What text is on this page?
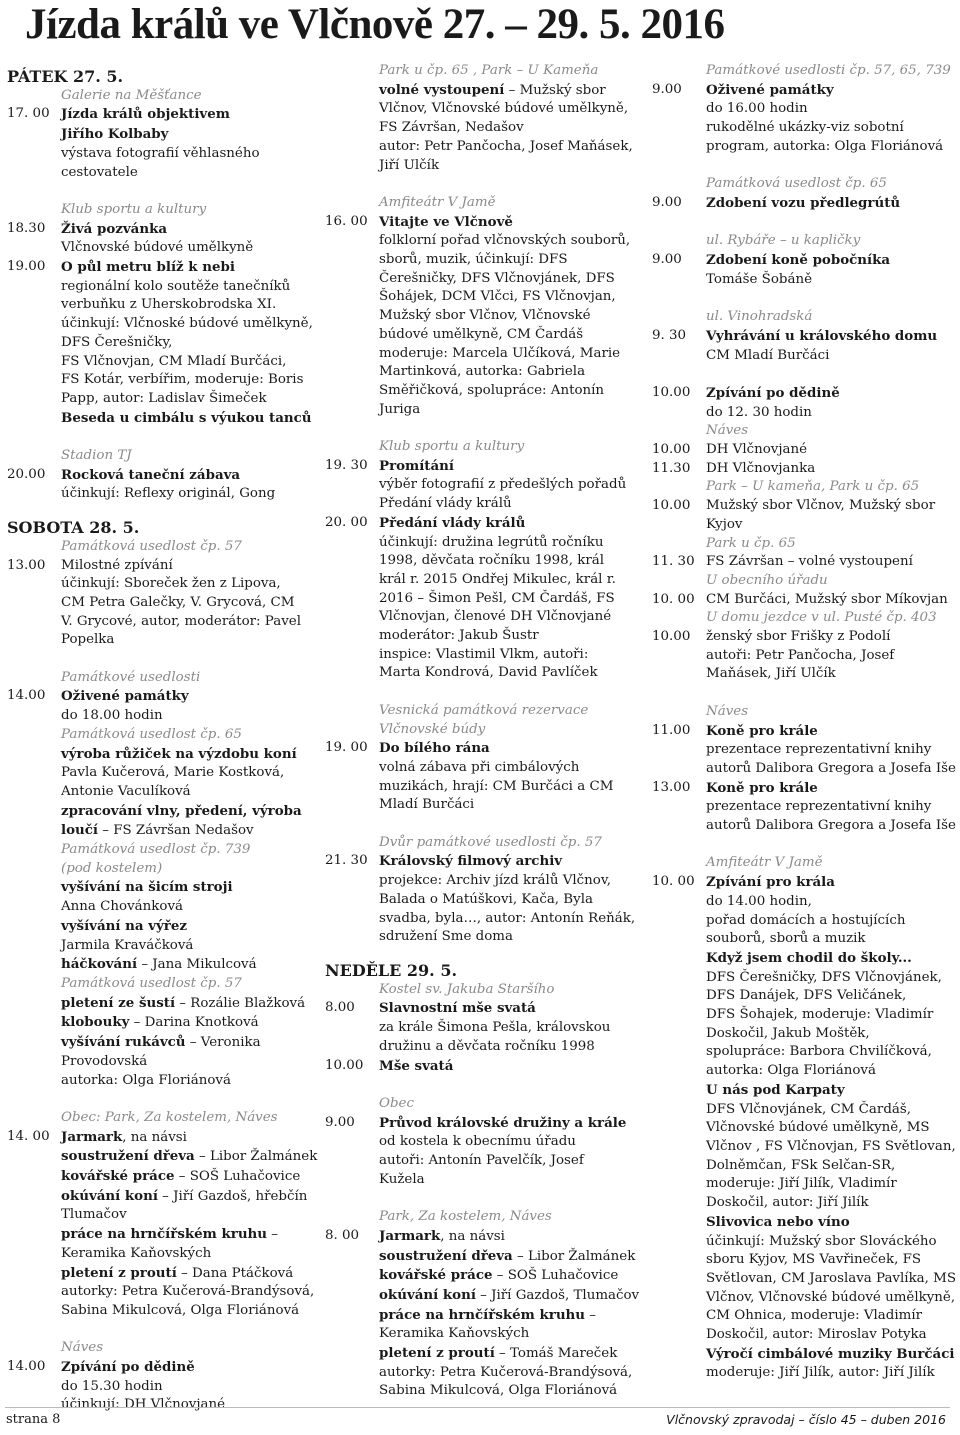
Jízda králů ve Vlčnově 27. – 29. 5. 2016
PÁTEK 27. 5.
Galerie na Měšťance
17. 00 Jízda králů objektivem
Jiřího Kolbaby
výstava fotografií věhlasného
cestovatele
Klub sportu a kultury
18.30	Živá pozvánka
Vlčnovské búdové umělkyně
19.00	O půl metru blíž k nebi
regionální kolo soutěže tanečníků
verbuňku z Uherskobrodska XI.
účinkují: Vlčnoské búdové umělkyně,
DFS Čerešničky,
FS Vlčnovjan, CM Mladí Burčáci,
FS Kotár, verbířim, moderuje: Boris
Papp, autor: Ladislav Šimeček
Beseda u cimbálu s výukou tanců
Stadion TJ
20.00	Rocková taneční zábava
účinkují: Reflexy originál, Gong
SOBOTA 28. 5.
Památková usedlost čp. 57
13.00	Milostné zpívání
účinkují: Sboreček žen z Lipova,
CM Petra Galečky, V. Grycová, CM
V. Grycové, autor, moderátor: Pavel
Popelka
Památkové usedlosti
14.00	Oživené památky
do 18.00 hodin
Památková usedlost čp. 65
výroba růžiček na výzdobu koní
Pavla Kučerová, Marie Kostková,
Antonie Vaculíková
zpracování vlny, předení, výroba
loučí – FS Závršan Nedašov
Památková usedlost čp. 739
(pod kostelem)
vyšívání na šicím stroji
Anna Chovánková
vyšívání na výřez
Jarmila Kraváčková
háčkování – Jana Mikulcová
Památková usedlost čp. 57
pletení ze šustí – Rozálie Blažková
klobouky – Darina Knotková
vyšívání rukávců – Veronika
Provodovská
autorka: Olga Floriánová
Obec: Park, Za kostelem, Náves
14. 00 Jarmark, na návsi
soustružení dřeva – Libor Žalmánek
kovářské práce – SOŠ Luhačovice
okúvání koní – Jiří Gazdoš, hřebčín
Tlumačov
práce na hrnčířském kruhu –
Keramika Kaňovských
pletení z proutí – Dana Ptáčková
autorky: Petra Kučerová-Brandýsová,
Sabina Mikulcová, Olga Floriánová
Náves
14.00	Zpívání po dědině
do 15.30 hodin
účinkují: DH Vlčnovjané
Park u čp. 65 , Park – U Kameňa
volné vystoupení – Mužský sbor
Vlčnov, Vlčnovské búdové umělkyně,
FS Závršan, Nedašov
autor: Petr Pančocha, Josef Maňásek,
Jiří Ulčík
Amfiteátr V Jamě
16. 00 Vitajte ve Vlčnově
folklorní pořad vlčnovských souborů,
sborů, muzik, účinkují: DFS
Čerešničky, DFS Vlčnovjánek, DFS
Šohájek, DCM Vlčci, FS Vlčnovjan,
Mužský sbor Vlčnov, Vlčnovské
búdové umělkyně, CM Čardáš
moderuje: Marcela Ulčíková, Marie
Martinková, autorka: Gabriela
Směřičková, spolupráce: Antonín
Juriga
Klub sportu a kultury
19. 30 Promítání
výběr fotografií z předešlých pořadů
Předání vlády králů
20. 00 Předání vlády králů
účinkují: družina legrútů ročníku
1998, děvčata ročníku 1998, král
král r. 2015 Ondřej Mikulec, král r.
2016 – Šimon Pešl, CM Čardáš, FS
Vlčnovjan, členové DH Vlčnovjané
moderátor: Jakub Šustr
inspice: Vlastimil Vlkm, autoři:
Marta Kondrová, David Pavlíček
Vesnická památková rezervace
Vlčnovské búdy
19. 00 Do bílého rána
volná zábava při cimbálových
muzikách, hrají: CM Burčáci a CM
Mladí Burčáci
Dvůr památkové usedlosti čp. 57
21. 30 Královský filmový archiv
projekce: Archiv jízd králů Vlčnov,
Balada o Matúškovi, Kača, Byla
svadba, byla…, autor: Antonín Reňák,
sdružení Sme doma
NEDĚLE 29. 5.
Kostel sv. Jakuba Staršího
8.00	Slavnostní mše svatá
za krále Šimona Pešla, královskou
družinu a děvčata ročníku 1998
10.00	Mše svatá
Obec
9.00	Průvod královské družiny a krále
od kostela k obecnímu úřadu
autoři: Antonín Pavelčík, Josef
Kužela
Park, Za kostelem, Náves
8. 00	Jarmark, na návsi
soustružení dřeva – Libor Žalmánek
kovářské práce – SOŠ Luhačovice
okúvání koní – Jiří Gazdoš, Tlumačov
práce na hrnčířském kruhu –
Keramika Kaňovských
pletení z proutí – Tomáš Mareček
autorky: Petra Kučerová-Brandýsová,
Sabina Mikulcová, Olga Floriánová
Památkové usedlosti čp. 57, 65, 739
9.00	Oživené památky
do 16.00 hodin
rukodělné ukázky-viz sobotní
program, autorka: Olga Floriánová
Památková usedlost čp. 65
9.00	Zdobení vozu předlegrútů
ul. Rybáře – u kapličky
9.00	Zdobení koně pobočníka
Tomáše Šobáně
ul. Vinohradská
9. 30	Vyhrávání u královského domu
CM Mladí Burčáci
10.00	Zpívání po dědině
do 12. 30 hodin
Náves
10.00	DH Vlčnovjané
11.30	DH Vlčnovjanka
Park – U kameňa, Park u čp. 65
10.00	Mužský sbor Vlčnov, Mužský sbor
Kyjov
Park u čp. 65
11. 30 FS Závršan – volné vystoupení
U obecního úřadu
10. 00 CM Burčáci, Mužský sbor Míkovjan
U domu jezdce v ul. Pusté čp. 403
10.00	ženský sbor Frišky z Podolí
autoři: Petr Pančocha, Josef
Maňásek, Jiří Ulčík
Náves
11.00	Koně pro krále
prezentace reprezentativní knihy
autorů Dalibora Gregora a Josefa Iše
13.00	Koně pro krále
prezentace reprezentativní knihy
autorů Dalibora Gregora a Josefa Iše
Amfiteátr V Jamě
10. 00 Zpívání pro krála
do 14.00 hodin,
pořad domácích a hostujících
souborů, sborů a muzik
Když jsem chodil do školy...
DFS Čerešničky, DFS Vlčnovjánek,
DFS Danájek, DFS Veličánek,
DFS Šohajek, moderuje: Vladimír
Doskočil, Jakub Moštěk,
spolupráce: Barbora Chvilíčková,
autorka: Olga Floriánová
U nás pod Karpaty
DFS Vlčnovjánek, CM Čardáš,
Vlčnovské búdové umělkyně, MS
Vlčnov , FS Vlčnovjan, FS Světlovan,
Dolněmčan, FSk Selčan-SR,
moderuje: Jiří Jilík, Vladimír
Doskočil, autor: Jiří Jilík
Slivovica nebo víno
účinkují: Mužský sbor Slováckého
sboru Kyjov, MS Vavřineček, FS
Světlovan, CM Jaroslava Pavlíka, MS
Vlčnov, Vlčnovské búdové umělkyně,
CM Ohnica, moderuje: Vladimír
Doskočil, autor: Miroslav Potyka
Výročí cimbálové muziky Burčáci
moderuje: Jiří Jilík, autor: Jiří Jilík
strana 8	Vlčnovský zpravodaj – číslo 45 – duben 2016
